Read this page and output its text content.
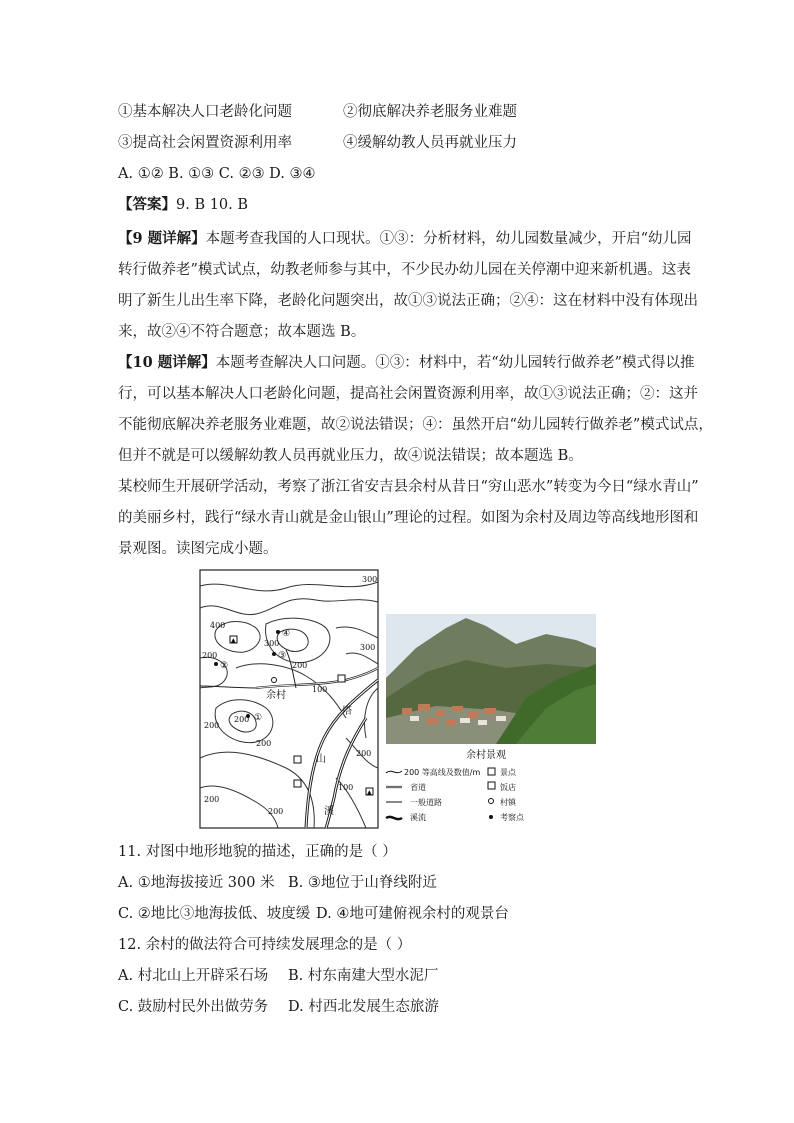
①基本解决人口老龄化问题	②彻底解决养老服务业难题
③提高社会闲置资源利用率	④缓解幼教人员再就业压力
A. ①② B. ①③ C. ②③ D. ③④
【答案】9. B 10. B
【9 题详解】本题考查我国的人口现状。①③：分析材料，幼儿园数量减少，开启“幼儿园
转行做养老”模式试点，幼教老师参与其中，不少民办幼儿园在关停潮中迎来新机遇。这表
明了新生儿出生率下降，老龄化问题突出，故①③说法正确；②④：这在材料中没有体现出
来，故②④不符合题意；故本题选 B。
【10 题详解】本题考查解决人口问题。①③：材料中，若“幼儿园转行做养老”模式得以推
行，可以基本解决人口老龄化问题，提高社会闲置资源利用率，故①③说法正确；②：这并
不能彻底解决养老服务业难题，故②说法错误；④：虽然开启“幼儿园转行做养老”模式试点，
但并不就是可以缓解幼教人员再就业压力，故④说法错误；故本题选 B。
某校师生开展研学活动，考察了浙江省安吉县余村从昔日“穷山恶水”转变为今日“绿水青山”
的美丽乡村，践行“绿水青山就是金山银山”理论的过程。如图为余村及周边等高线地形图和
景观图。读图完成小题。
▲
▲
300
400
300
200
300
200
100
200
200
200
200
200
200
100
余村
①
②
③
④
塔
山
溪
余村景观
200 等高线及数值/m 景点
省道	饭店
一般道路	村镇
溪流	考察点
11. 对图中地形地貌的描述，正确的是（ ）
A. ①地海拔接近 300 米 B. ③地位于山脊线附近
C. ②地比③地海拔低、坡度缓 D. ④地可建俯视余村的观景台
12. 余村的做法符合可持续发展理念的是（ ）
A. 村北山上开辟采石场 B. 村东南建大型水泥厂
C. 鼓励村民外出做劳务 D. 村西北发展生态旅游
